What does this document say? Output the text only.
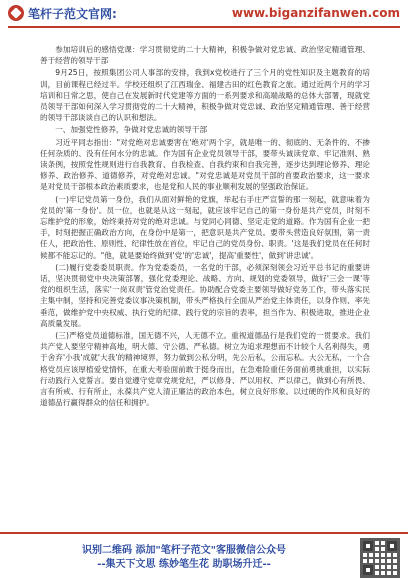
笔杆子范文官网:	www.biganzifanwen.com

参加培训后的感悟党课：学习贯彻党的二十大精神，积极争做对党忠诚、政治坚定精通管理、善于经营的领导干部

9月25日，按照集团公司人事部的安排，我到x党校进行了三个月的党性知识及主题教育的培训，目前课程已经过半。学校还组织了江西瑞金、福建古田的红色教育之旅。通过近两个月的学习培训和日常之思，使自己在发展新时代党建等方面的一系列要求和高端战略的总体大部署，现就党员领导干部如何深入学习贯彻党的二十大精神，积极争做对党忠诚、政治坚定精通管理、善于经营的领导干部谈谈自己的认识和想法。

一、加强党性修养，争做对党忠诚的领导干部

习近平同志指出："对党绝对忠诚要害在'绝对'两个字，就是唯一的、彻底的、无条件的、不掺任何杂质的、没有任何水分的忠诚。作为国有企业党员领导干部，要带头诚读党章、牢记准则、熟读条例，按照党性规则进行自我教育、自我检查、自我约束和自我完善，逐步达到理论修养、理论修养、政治修养、道德修养，对党绝对忠诚。"对党忠诚是对党员干部的首要政治要求，这一要求是对党员干部根本政治素质要求，也是党和人民的事业顺利发展的坚强政治保证。

(一)牢记党员第一身份，我们从面对鲜艳的党旗，举起右手庄严宣誓的那一刻起，就意味着为党员的'第一身份'。员一位，也就是从这一刻起，就应该牢记自己的第一身份是共产党员，时刻不忘维护党的形象，始终秉持对党的绝对忠诚。与党同心同德、坚定走党的道路。作为国有企业一把手，时刻把握正确政治方向，在身份中是第一，把意识是共产党员。要带头营造良好氛围，第一责任人，把政治性、原则性、纪律性放在首位，牢记自己的党员身份、职责。'这是我们党员在任何时候都不能忘记的。"他，就是要始终做到'党'的'忠诚'，提高'重要性'，做到'讲忠诚'。

(二)履行党委委员职责。作为党委委员，一名党的干部，必须深刻领会习近平总书记的重要讲话，坚决贯彻党中央决策部署，强化党委理论、战略、方向、规划的党委领导，做好'三会一课'等党的组织生活，落实'一岗双责'管党治党责任。协助配合党委主要领导做好党务工作，带头落实民主集中制，坚持和完善党委议事决策机制，带头严格执行全面从严治党主体责任，以身作则、率先垂范，做维护党中央权威、执行党的纪律、践行党的宗旨的表率，担当作为、积极进取，推进企业高质量发展。

(三)严格党员道德标准，国无德不兴，人无德不立。重视道德品行是我们党的一贯要求。我们共产党人要坚守精神高地，明大德、守公德、严私德。树立为追求理想而不计较个人名利得失，勇于舍弃'小我'成就'大我'的精神境界，努力做到公私分明，先公后私，公而忘私。大公无私，一个合格党员应该厚植爱党情怀，在重大考验面前敢于挺身而出，在急难险重任务面前勇挑重担，以实际行动践行入党誓言。要自觉遵守党章党规党纪，严以修身、严以用权、严以律己，做到心有所畏、言有所戒、行有所止，永葆共产党人清正廉洁的政治本色，树立良好形象。以过硬的作风和良好的道德品行赢得群众的信任和拥护。

识别二维码 添加"笔杆子范文"客服微信公众号
--集天下文思 练妙笔生花 助职场升迁--
